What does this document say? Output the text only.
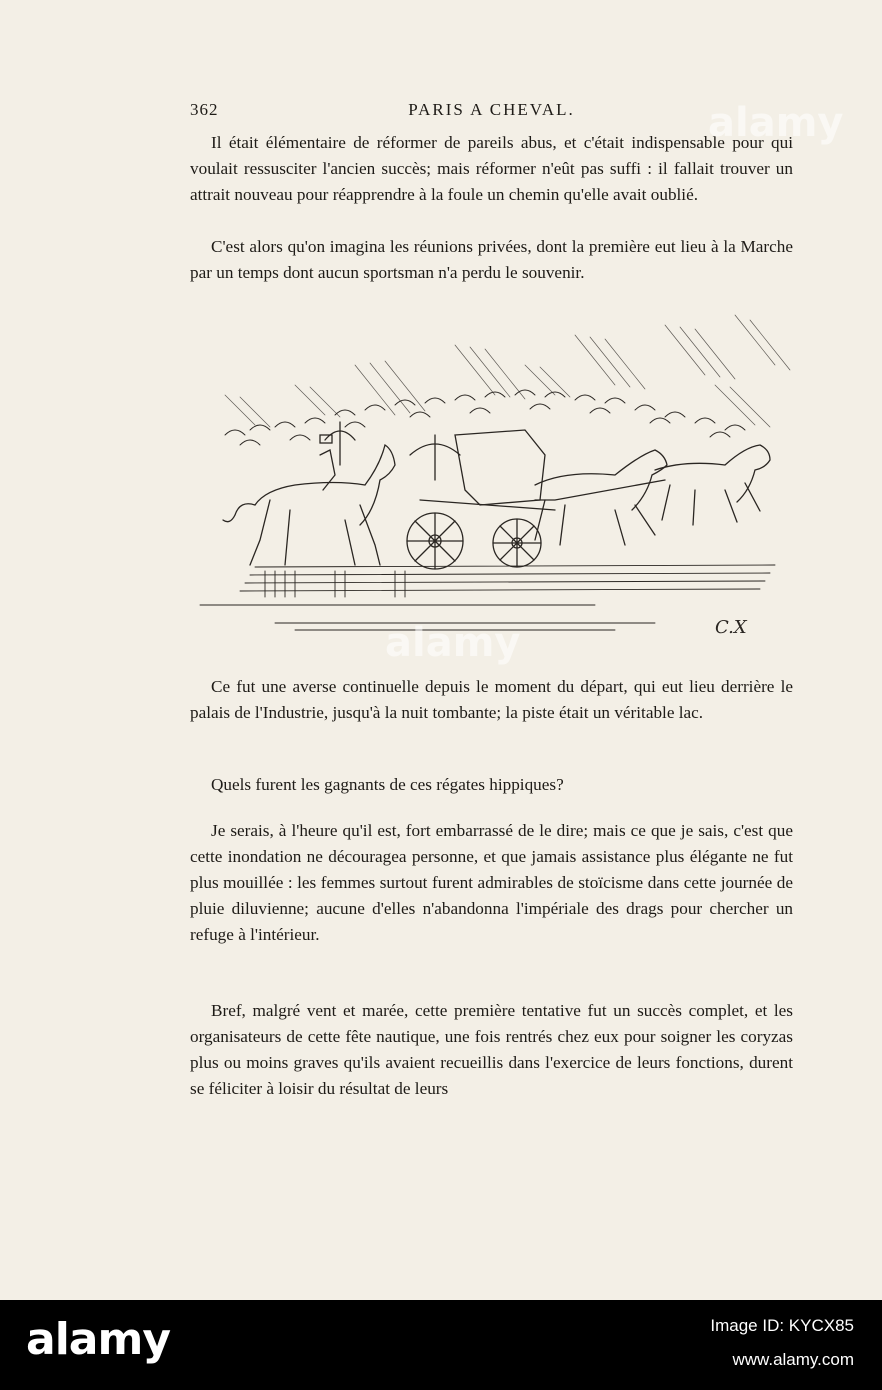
362	PARIS A CHEVAL.

Il était élémentaire de réformer de pareils abus, et c'était indispensable pour qui voulait ressusciter l'ancien succès; mais réformer n'eût pas suffi : il fallait trouver un attrait nouveau pour réapprendre à la foule un chemin qu'elle avait oublié.

C'est alors qu'on imagina les réunions privées, dont la première eut lieu à la Marche par un temps dont aucun sportsman n'a perdu le souvenir.

C.X

Ce fut une averse continuelle depuis le moment du départ, qui eut lieu derrière le palais de l'Industrie, jusqu'à la nuit tombante; la piste était un véritable lac.

Quels furent les gagnants de ces régates hippiques?

Je serais, à l'heure qu'il est, fort embarrassé de le dire; mais ce que je sais, c'est que cette inondation ne découragea personne, et que jamais assistance plus élégante ne fut plus mouillée : les femmes surtout furent admirables de stoïcisme dans cette journée de pluie diluvienne; aucune d'elles n'abandonna l'impériale des drags pour chercher un refuge à l'intérieur.

Bref, malgré vent et marée, cette première tentative fut un succès complet, et les organisateurs de cette fête nautique, une fois rentrés chez eux pour soigner les coryzas plus ou moins graves qu'ils avaient recueillis dans l'exercice de leurs fonctions, durent se féliciter à loisir du résultat de leurs

alamy
alamy
alamy	Image ID: KYCX85
www.alamy.com
